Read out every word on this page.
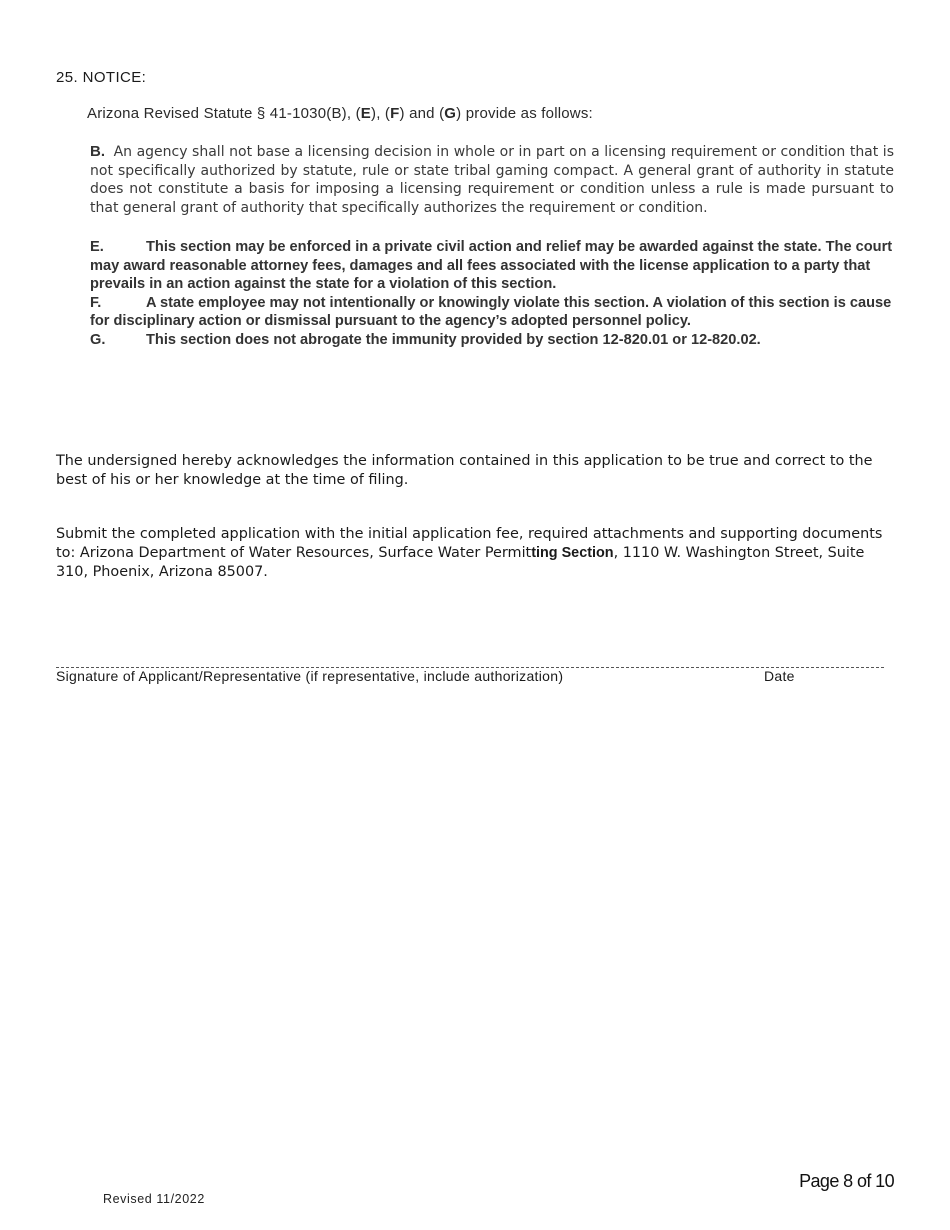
25. NOTICE:
Arizona Revised Statute § 41-1030(B), (E), (F) and (G) provide as follows:
B. An agency shall not base a licensing decision in whole or in part on a licensing requirement or condition that is not specifically authorized by statute, rule or state tribal gaming compact. A general grant of authority in statute does not constitute a basis for imposing a licensing requirement or condition unless a rule is made pursuant to that general grant of authority that specifically authorizes the requirement or condition.
E.	This section may be enforced in a private civil action and relief may be awarded against the state. The court may award reasonable attorney fees, damages and all fees associated with the license application to a party that prevails in an action against the state for a violation of this section.
F.	A state employee may not intentionally or knowingly violate this section. A violation of this section is cause for disciplinary action or dismissal pursuant to the agency’s adopted personnel policy.
G.	This section does not abrogate the immunity provided by section 12-820.01 or 12-820.02.
The undersigned hereby acknowledges the information contained in this application to be true and correct to the best of his or her knowledge at the time of filing.
Submit the completed application with the initial application fee, required attachments and supporting documents to: Arizona Department of Water Resources, Surface Water Permitting Section, 1110 W. Washington Street, Suite 310, Phoenix, Arizona 85007.
Signature of Applicant/Representative (if representative, include authorization)	Date
Page 8 of 10
Revised 11/2022
